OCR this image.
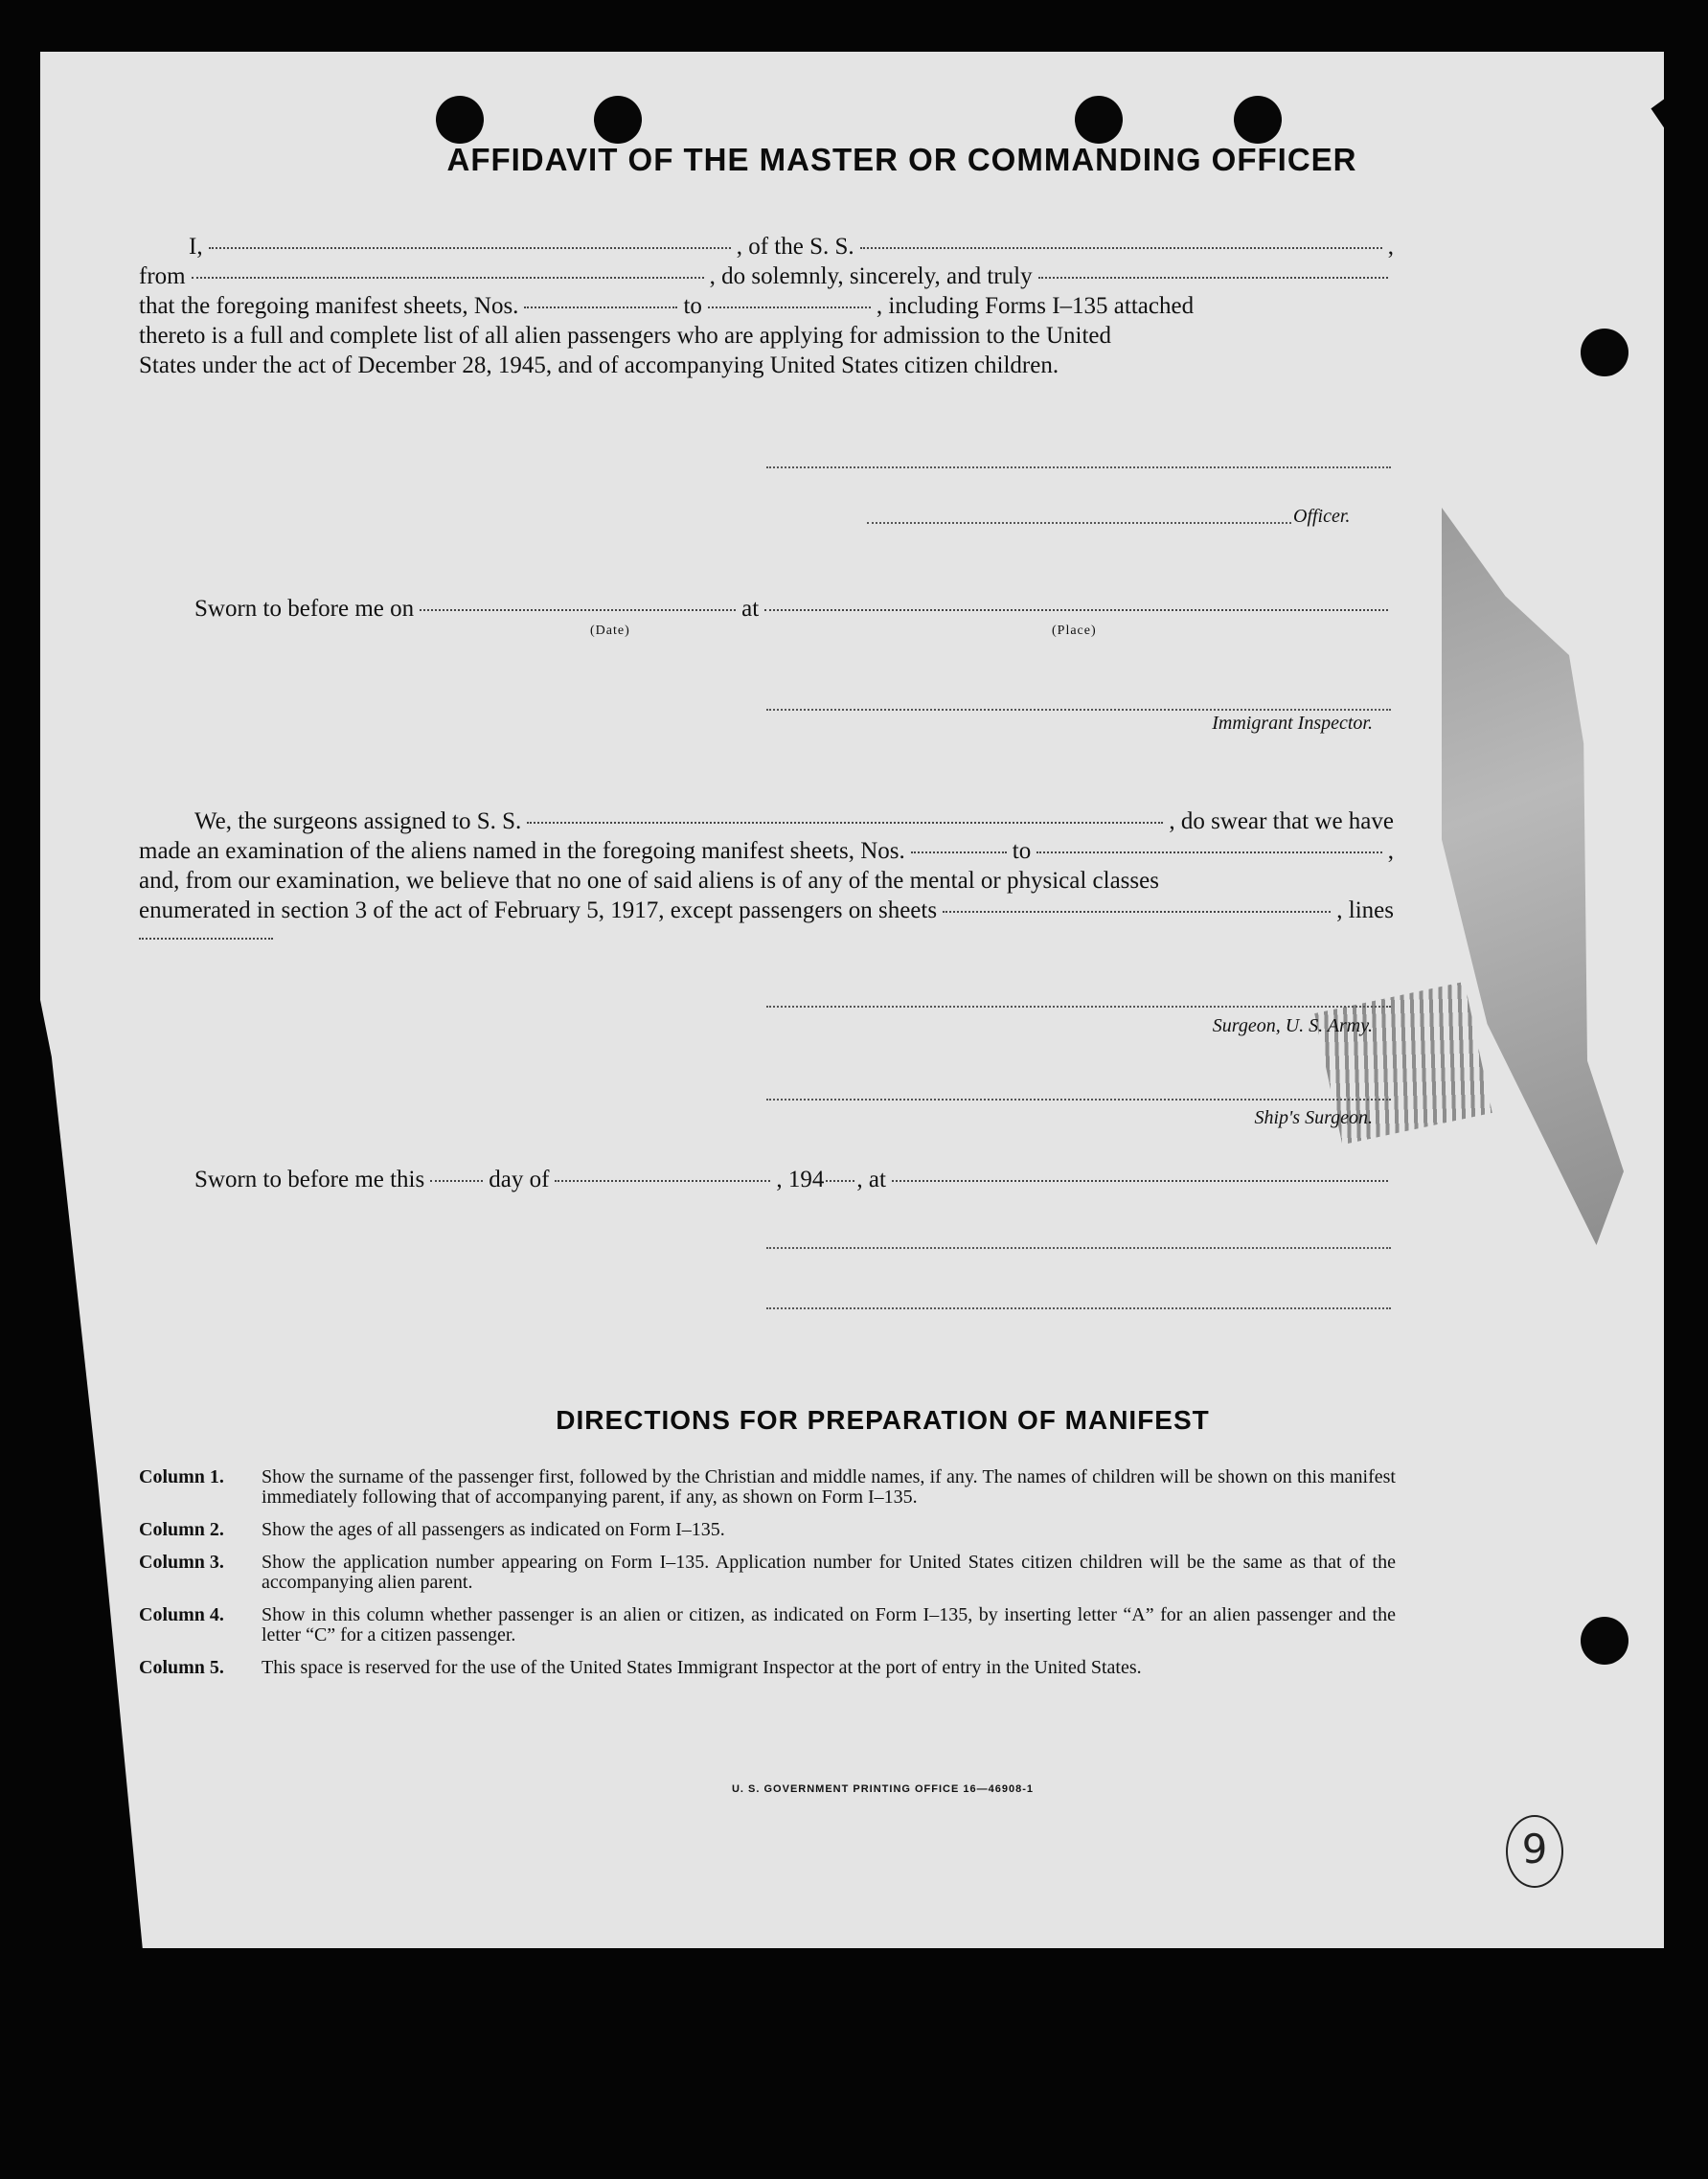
AFFIDAVIT OF THE MASTER OR COMMANDING OFFICER
I,	, of the S. S.	,
from	, do solemnly, sincerely, and truly
that the foregoing manifest sheets, Nos.	to	, including Forms I–135 attached
thereto is a full and complete list of all alien passengers who are applying for admission to the United
States under the act of December 28, 1945, and of accompanying United States citizen children.
Officer.
Sworn to before me on	at
(Date)	(Place)
Immigrant Inspector.
We, the surgeons assigned to S. S.	, do swear that we have
made an examination of the aliens named in the foregoing manifest sheets, Nos.	to	,
and, from our examination, we believe that no one of said aliens is of any of the mental or physical classes
enumerated in section 3 of the act of February 5, 1917, except passengers on sheets	, lines
Surgeon, U. S. Army.
Ship's Surgeon.
Sworn to before me this	day of	, 194 , at
DIRECTIONS FOR PREPARATION OF MANIFEST
Column 1.	Show the surname of the passenger first, followed by the Christian and middle names, if any. The names of children will be shown on this manifest immediately following that of accompanying parent, if any, as shown on Form I–135.
Column 2.	Show the ages of all passengers as indicated on Form I–135.
Column 3.	Show the application number appearing on Form I–135. Application number for United States citizen children will be the same as that of the accompanying alien parent.
Column 4.	Show in this column whether passenger is an alien or citizen, as indicated on Form I–135, by inserting letter “A” for an alien passenger and the letter “C” for a citizen passenger.
Column 5.	This space is reserved for the use of the United States Immigrant Inspector at the port of entry in the United States.
U. S. GOVERNMENT PRINTING OFFICE 16—46908-1
9
